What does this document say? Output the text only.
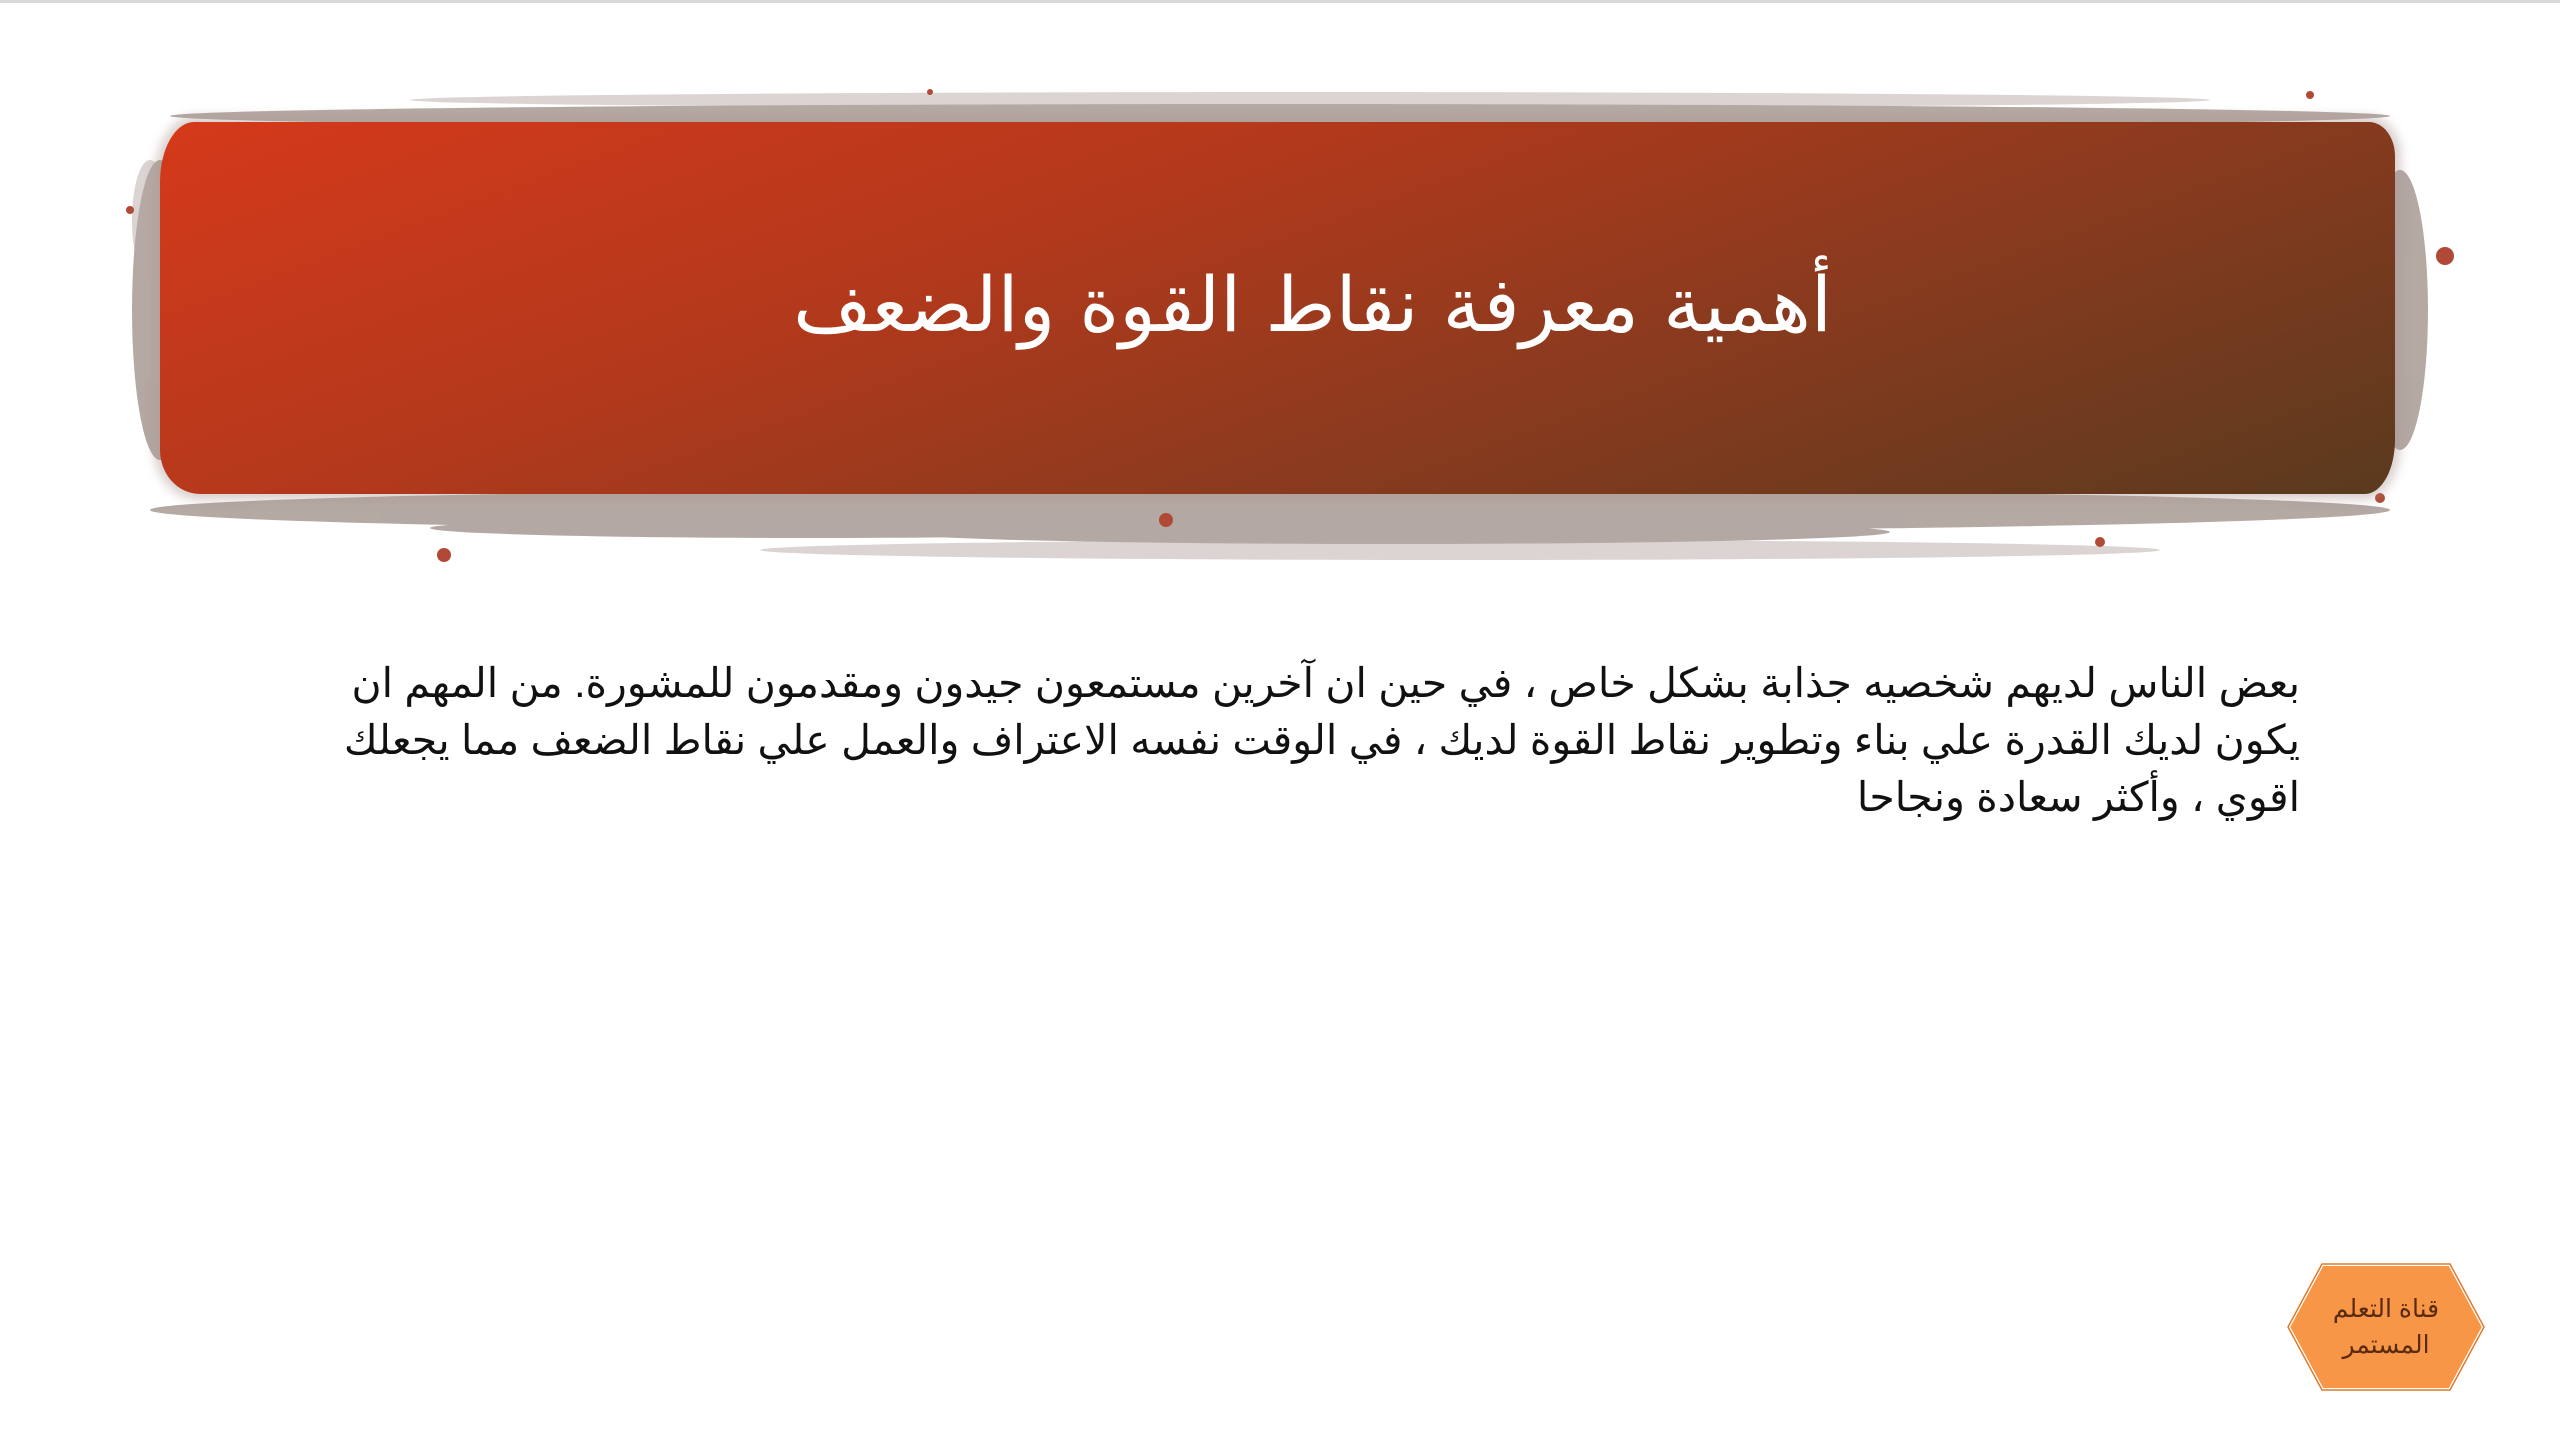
أهمية معرفة نقاط القوة والضعف

بعض الناس لديهم شخصيه جذابة بشكل خاص ، في حين ان آخرين مستمعون جيدون ومقدمون للمشورة. من المهم ان يكون لديك القدرة علي بناء وتطوير نقاط القوة لديك ، في الوقت نفسه الاعتراف والعمل علي نقاط الضعف مما يجعلك اقوي ، وأكثر سعادة ونجاحا

قناة التعلم المستمر
